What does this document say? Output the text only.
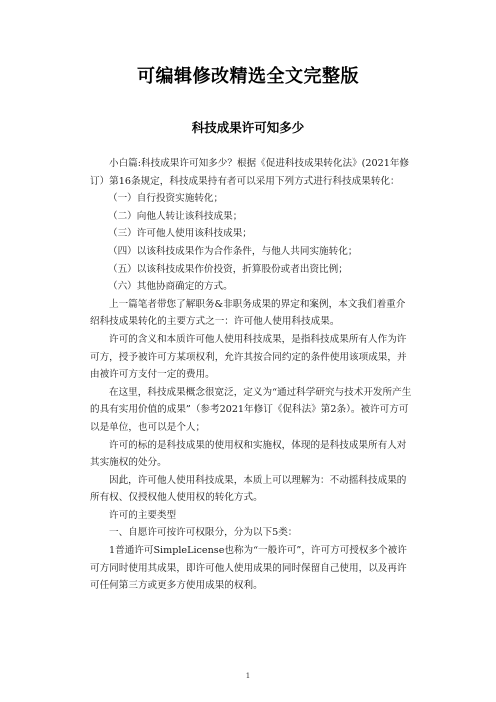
可编辑修改精选全文完整版
科技成果许可知多少

小白篇:科技成果许可知多少？根据《促进科技成果转化法》(2021年修订）第16条规定，科技成果持有者可以采用下列方式进行科技成果转化：

（一）自行投资实施转化；

（二）向他人转让该科技成果；

（三）许可他人使用该科技成果；

（四）以该科技成果作为合作条件，与他人共同实施转化；

（五）以该科技成果作价投资，折算股份或者出资比例；

（六）其他协商确定的方式。

上一篇笔者带您了解职务&非职务成果的界定和案例，本文我们着重介绍科技成果转化的主要方式之一：许可他人使用科技成果。

许可的含义和本质许可他人使用科技成果，是指科技成果所有人作为许可方，授予被许可方某项权利，允许其按合同约定的条件使用该项成果，并由被许可方支付一定的费用。

在这里，科技成果概念很宽泛，定义为“通过科学研究与技术开发所产生的具有实用价值的成果”（参考2021年修订《促科法》第2条）。被许可方可以是单位，也可以是个人；

许可的标的是科技成果的使用权和实施权，体现的是科技成果所有人对其实施权的处分。

因此，许可他人使用科技成果，本质上可以理解为：不动摇科技成果的所有权、仅授权他人使用权的转化方式。

许可的主要类型

一、自愿许可按许可权限分，分为以下5类：

1普通许可SimpleLicense也称为“一般许可”，许可方可授权多个被许可方同时使用其成果，即许可他人使用成果的同时保留自己使用，以及再许可任何第三方或更多方使用成果的权利。

1
